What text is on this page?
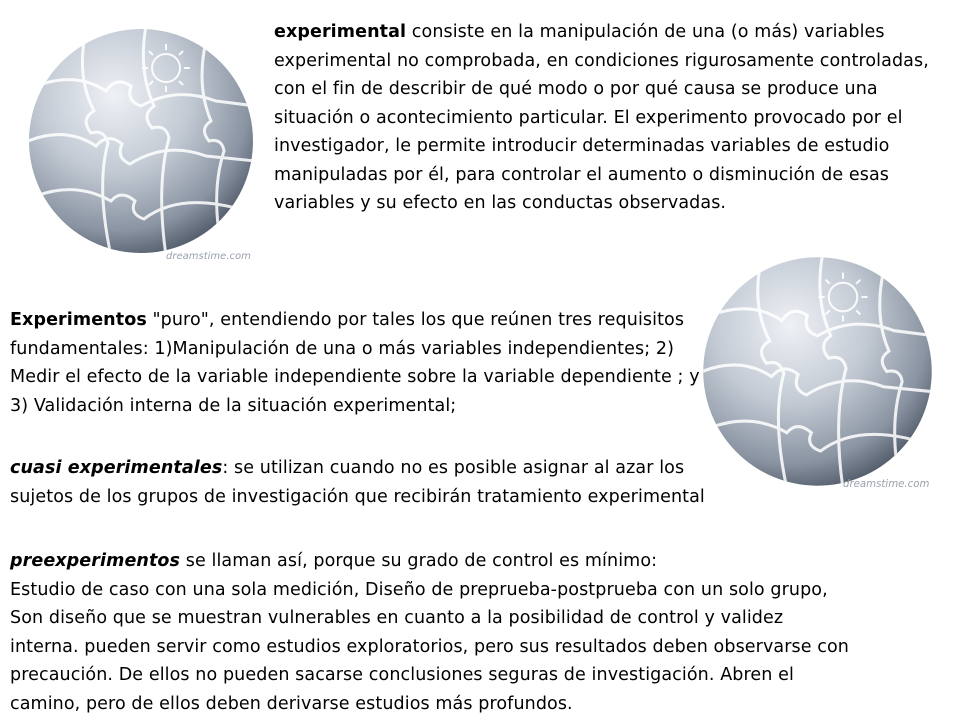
dreamstime.com

experimental consiste en la manipulación de una (o más) variables experimental no comprobada, en condiciones rigurosamente controladas, con el fin de describir de qué modo o por qué causa se produce una situación o acontecimiento particular. El experimento provocado por el investigador, le permite introducir determinadas variables de estudio manipuladas por él, para controlar el aumento o disminución de esas variables y su efecto en las conductas observadas.

Experimentos "puro", entendiendo por tales los que reúnen tres requisitos fundamentales: 1)Manipulación de una o más variables independientes; 2) Medir el efecto de la variable independiente sobre la variable dependiente ; y 3) Validación interna de la situación experimental;

dreamstime.com

cuasi experimentales: se utilizan cuando no es posible asignar al azar los sujetos de los grupos de investigación que recibirán tratamiento experimental

preexperimentos se llaman así, porque su grado de control es mínimo:
Estudio de caso con una sola medición, Diseño de preprueba-postprueba con un solo grupo,
Son diseño que se muestran vulnerables en cuanto a la posibilidad de control y validez
interna. pueden servir como estudios exploratorios, pero sus resultados deben observarse con
precaución. De ellos no pueden sacarse conclusiones seguras de investigación. Abren el
camino, pero de ellos deben derivarse estudios más profundos.
